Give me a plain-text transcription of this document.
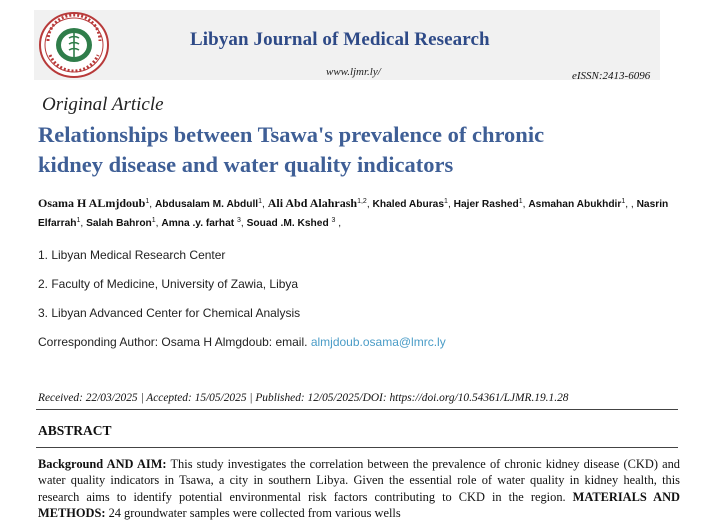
Libyan Journal of Medical Research
www.ljmr.ly/	eISSN:2413-6096
Original Article
Relationships between Tsawa's prevalence of chronic
kidney disease and water quality indicators
Osama H ALmjdoub$^1$, Abdusalam M. Abdull$^1$, Ali Abd Alahrash$^{1,2}$, Khaled Aburas$^1$, Hajer Rashed$^1$, Asmahan Abukhdir$^1$, , Nasrin Elfarrah$^1$, Salah Bahron$^1$, Amna .y. farhat $^3$, Souad .M. Kshed $^3$ ,
1. Libyan Medical Research Center
2. Faculty of Medicine, University of Zawia, Libya
3. Libyan Advanced Center for Chemical Analysis
Corresponding Author: Osama H Almgdoub: email. almjdoub.osama@lmrc.ly
Received: 22/03/2025 | Accepted: 15/05/2025 | Published: 12/05/2025/DOI: https://doi.org/10.54361/LJMR.19.1.28
ABSTRACT
Background AND AIM: This study investigates the correlation between the prevalence of chronic kidney disease (CKD) and water quality indicators in Tsawa, a city in southern Libya. Given the essential role of water quality in kidney health, this research aims to identify potential environmental risk factors contributing to CKD in the region. MATERIALS AND METHODS: 24 groundwater samples were collected from various wells
